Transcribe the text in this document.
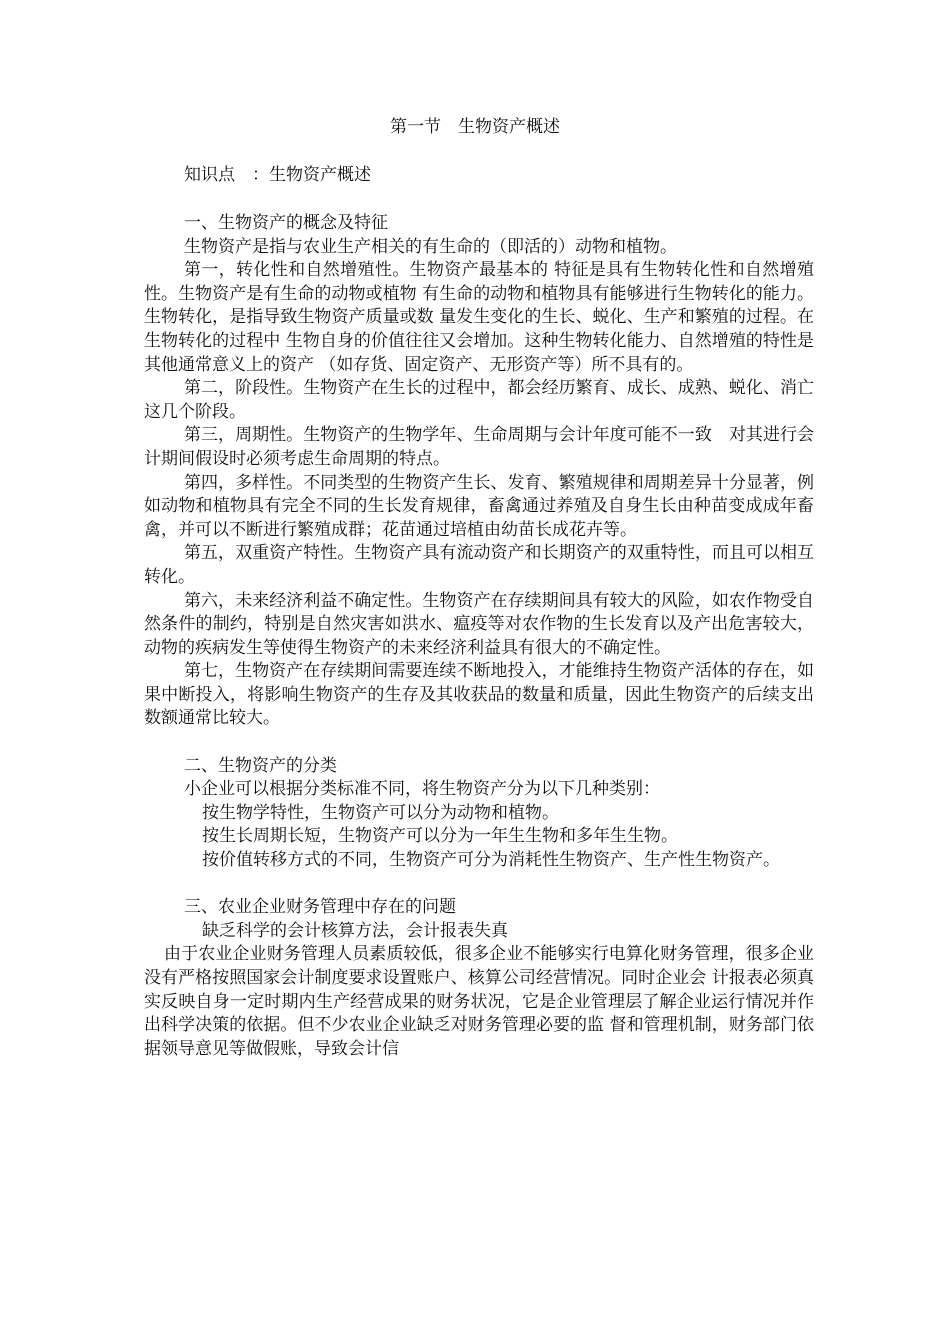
第一节　生物资产概述
知识点　：生物资产概述

一、生物资产的概念及特征

生物资产是指与农业生产相关的有生命的（即活的）动物和植物。

第一，转化性和自然增殖性。生物资产最基本的 特征是具有生物转化性和自然增殖性。生物资产是有生命的动物或植物 有生命的动物和植物具有能够进行生物转化的能力。生物转化，是指导致生物资产质量或数 量发生变化的生长、蜕化、生产和繁殖的过程。在生物转化的过程中 生物自身的价值往往又会增加。这种生物转化能力、自然增殖的特性是其他通常意义上的资产 （如存货、固定资产、无形资产等）所不具有的。

第二，阶段性。生物资产在生长的过程中，都会经历繁育、成长、成熟、蜕化、消亡这几个阶段。

第三，周期性。生物资产的生物学年、生命周期与会计年度可能不一致　对其进行会计期间假设时必须考虑生命周期的特点。

第四，多样性。不同类型的生物资产生长、发育、繁殖规律和周期差异十分显著，例如动物和植物具有完全不同的生长发育规律，畜禽通过养殖及自身生长由种苗变成成年畜禽，并可以不断进行繁殖成群；花苗通过培植由幼苗长成花卉等。

第五，双重资产特性。生物资产具有流动资产和长期资产的双重特性，而且可以相互转化。

第六，未来经济利益不确定性。生物资产在存续期间具有较大的风险，如农作物受自然条件的制约，特别是自然灾害如洪水、瘟疫等对农作物的生长发育以及产出危害较大，动物的疾病发生等使得生物资产的未来经济利益具有很大的不确定性。

第七，生物资产在存续期间需要连续不断地投入，才能维持生物资产活体的存在，如果中断投入，将影响生物资产的生存及其收获品的数量和质量，因此生物资产的后续支出数额通常比较大。

二、生物资产的分类

小企业可以根据分类标准不同，将生物资产分为以下几种类别：

按生物学特性，生物资产可以分为动物和植物。

按生长周期长短，生物资产可以分为一年生生物和多年生生物。

按价值转移方式的不同，生物资产可分为消耗性生物资产、生产性生物资产。

三、农业企业财务管理中存在的问题

缺乏科学的会计核算方法，会计报表失真

由于农业企业财务管理人员素质较低，很多企业不能够实行电算化财务管理，很多企业没有严格按照国家会计制度要求设置账户、核算公司经营情况。同时企业会 计报表必须真实反映自身一定时期内生产经营成果的财务状况，它是企业管理层了解企业运行情况并作出科学决策的依据。但不少农业企业缺乏对财务管理必要的监 督和管理机制，财务部门依据领导意见等做假账，导致会计信
